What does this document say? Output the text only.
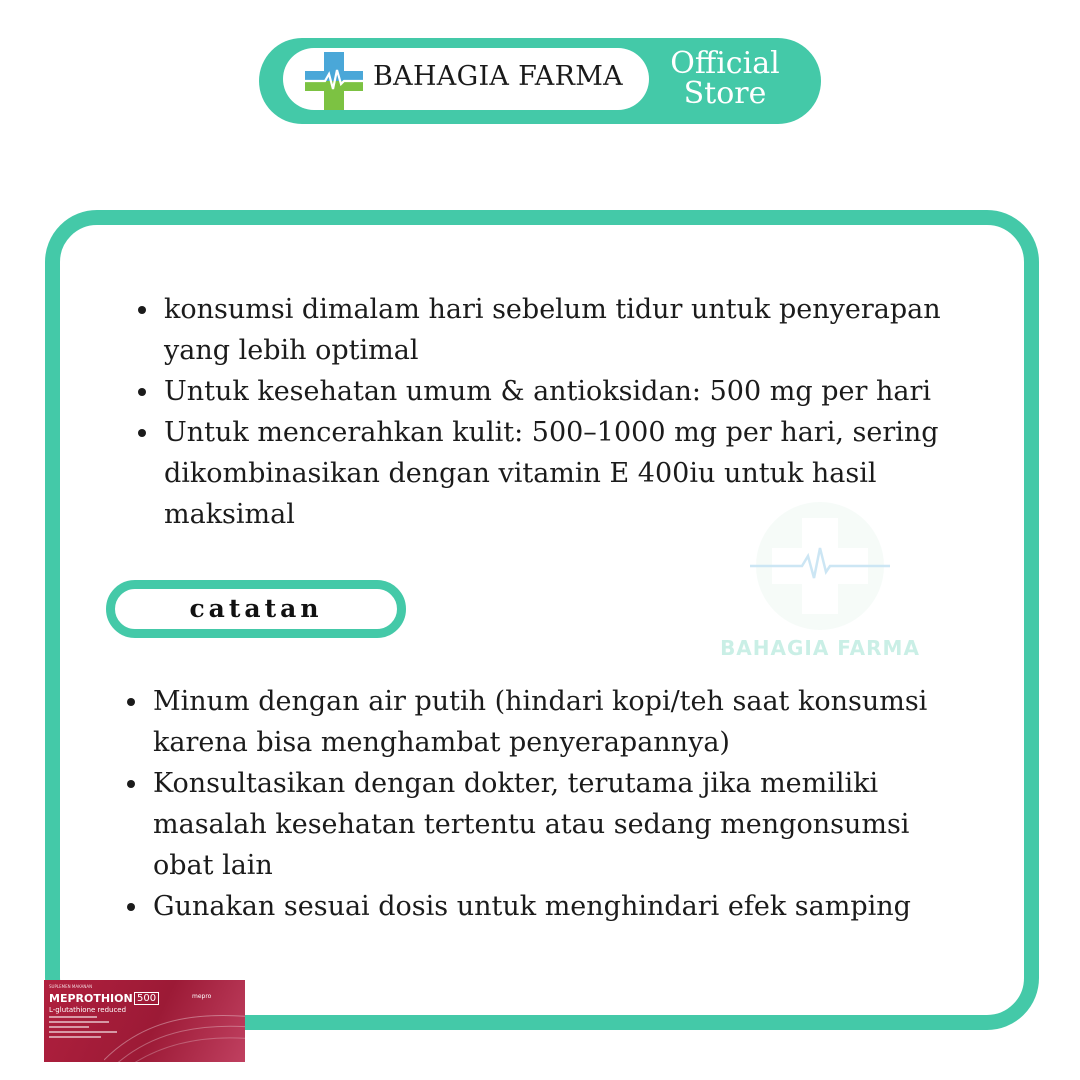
BAHAGIA FARMA	Official
Store
BAHAGIA FARMA
konsumsi dimalam hari sebelum tidur untuk penyerapan yang lebih optimal
Untuk kesehatan umum & antioksidan: 500 mg per hari
Untuk mencerahkan kulit: 500–1000 mg per hari, sering dikombinasikan dengan vitamin E 400iu untuk hasil maksimal
catatan
Minum dengan air putih (hindari kopi/teh saat konsumsi karena bisa menghambat penyerapannya)
Konsultasikan dengan dokter, terutama jika memiliki masalah kesehatan tertentu atau sedang mengonsumsi obat lain
Gunakan sesuai dosis untuk menghindari efek samping
SUPLEMEN MAKANAN
MEPROTHION 500	mepro
L-glutathione reduced
